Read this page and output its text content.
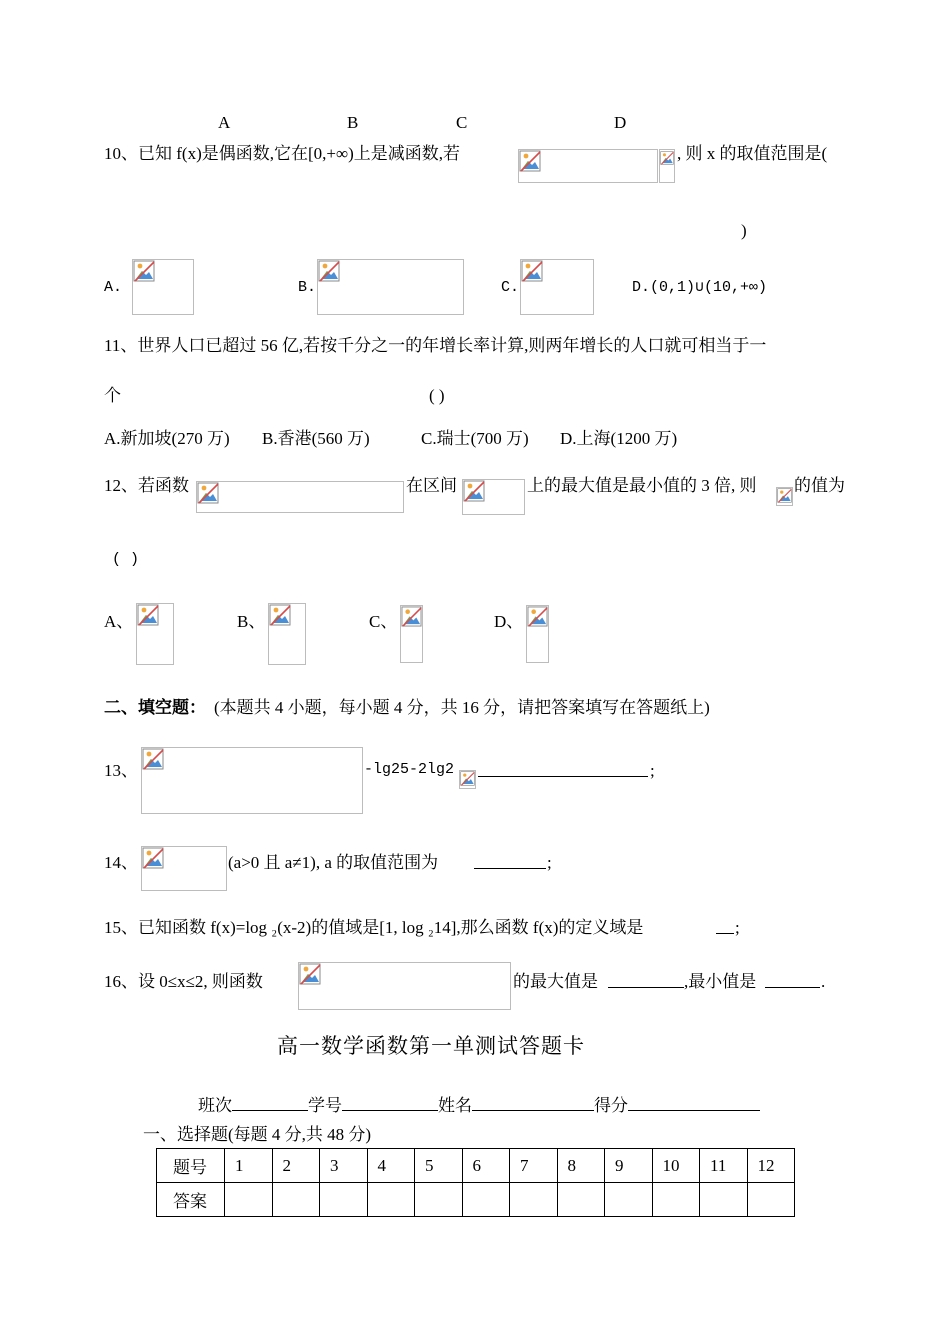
A	B	C	D
10、已知 f(x)是偶函数,它在[0,+∞)上是减函数,若	, 则 x 的取值范围是(
)
A.	B.	C.	D.(0,1)∪(10,+∞)
11、世界人口已超过 56 亿,若按千分之一的年增长率计算,则两年增长的人口就可相当于一
个	( )
A.新加坡(270 万) B.香港(560 万)	C.瑞士(700 万) D.上海(1200 万)
12、若函数	在区间	上的最大值是最小值的 3 倍, 则 的值为
( )
A、	B、	C、	D、
二、填空题： (本题共 4 小题，每小题 4 分，共 16 分，请把答案填写在答题纸上)
13、	-lg25-2lg2	;
14、	(a>0 且 a≠1), a 的取值范围为	;
15、已知函数 f(x)=log ₂(x-2)的值域是[1, log ₂14],那么函数 f(x)的定义域是	;
16、设 0≤x≤2, 则函数	的最大值是	,最小值是	.
高一数学函数第一单测试答题卡
班次	学号	姓名	得分
一、选择题(每题 4 分,共 48 分)
题号	1	2	3	4	5	6	7	8	9	10	11	12
答案												
